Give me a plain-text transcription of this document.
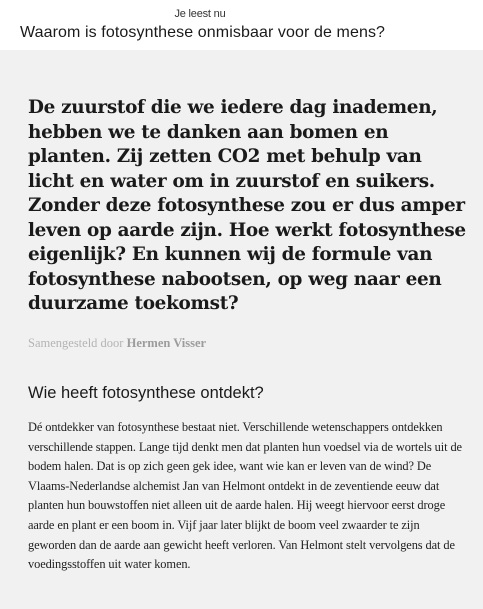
Je leest nu
Waarom is fotosynthese onmisbaar voor de mens?

De zuurstof die we iedere dag inademen, hebben we te danken aan bomen en planten. Zij zetten CO2 met behulp van licht en water om in zuurstof en suikers. Zonder deze fotosynthese zou er dus amper leven op aarde zijn. Hoe werkt fotosynthese eigenlijk? En kunnen wij de formule van fotosynthese nabootsen, op weg naar een duurzame toekomst?

Samengesteld door Hermen Visser
Wie heeft fotosynthese ontdekt?

Dé ontdekker van fotosynthese bestaat niet. Verschillende wetenschappers ontdekken verschillende stappen. Lange tijd denkt men dat planten hun voedsel via de wortels uit de bodem halen. Dat is op zich geen gek idee, want wie kan er leven van de wind? De Vlaams-Nederlandse alchemist Jan van Helmont ontdekt in de zeventiende eeuw dat planten hun bouwstoffen niet alleen uit de aarde halen. Hij weegt hiervoor eerst droge aarde en plant er een boom in. Vijf jaar later blijkt de boom veel zwaarder te zijn geworden dan de aarde aan gewicht heeft verloren. Van Helmont stelt vervolgens dat de voedingsstoffen uit water komen.
